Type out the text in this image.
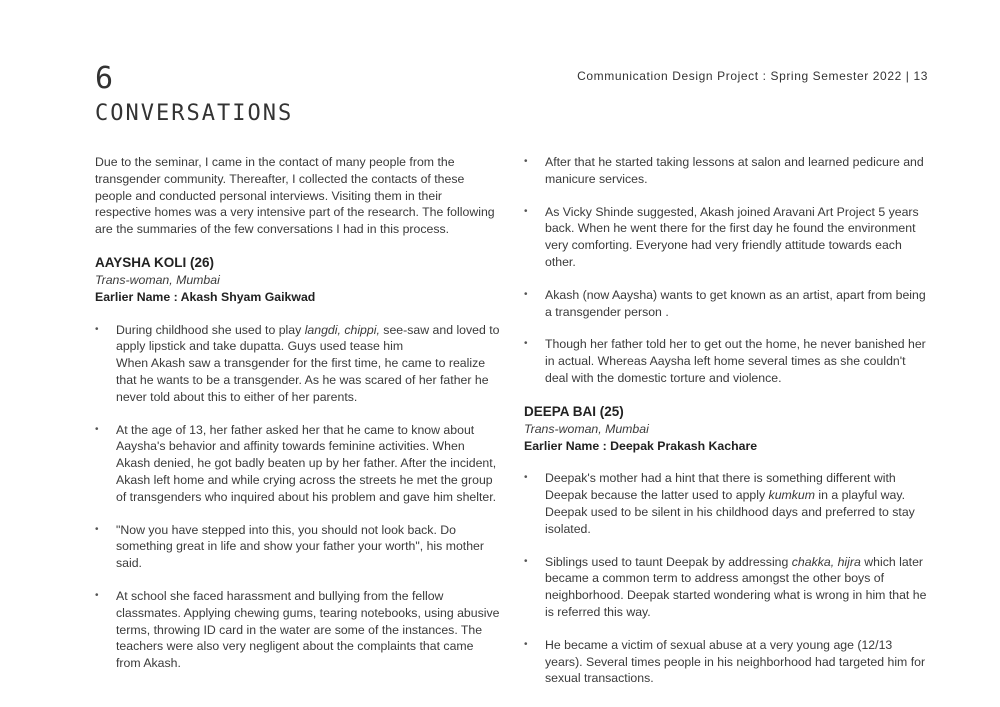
6
CONVERSATIONS
Communication Design Project : Spring Semester 2022 | 13

Due to the seminar, I came in the contact of many people from the transgender community. Thereafter, I collected the contacts of these people and conducted personal interviews. Visiting them in their respective homes was a very intensive part of the research. The following are the summaries of the few conversations I had in this process.

AAYSHA KOLI (26)

Trans-woman, Mumbai

Earlier Name : Akash Shyam Gaikwad

• During childhood she used to play langdi, chippi, see-saw and loved to apply lipstick and take dupatta. Guys used tease him
When Akash saw a transgender for the first time, he came to realize that he wants to be a transgender. As he was scared of her father he never told about this to either of her parents.
• At the age of 13, her father asked her that he came to know about Aaysha's behavior and affinity towards feminine activities. When Akash denied, he got badly beaten up by her father. After the incident, Akash left home and while crying across the streets he met the group of transgenders who inquired about his problem and gave him shelter.
• "Now you have stepped into this, you should not look back. Do something great in life and show your father your worth", his mother said.
• At school she faced harassment and bullying from the fellow classmates. Applying chewing gums, tearing notebooks, using abusive terms, throwing ID card in the water are some of the instances. The teachers were also very negligent about the complaints that came from Akash.
• After that he started taking lessons at salon and learned pedicure and manicure services.
• As Vicky Shinde suggested, Akash joined Aravani Art Project 5 years back. When he went there for the first day he found the environment very comforting. Everyone had very friendly attitude towards each other.
• Akash (now Aaysha) wants to get known as an artist, apart from being a transgender person .
• Though her father told her to get out the home, he never banished her in actual. Whereas Aaysha left home several times as she couldn't deal with the domestic torture and violence.

DEEPA BAI (25)

Trans-woman, Mumbai

Earlier Name : Deepak Prakash Kachare

• Deepak's mother had a hint that there is something different with Deepak because the latter used to apply kumkum in a playful way. Deepak used to be silent in his childhood days and preferred to stay isolated.
• Siblings used to taunt Deepak by addressing chakka, hijra which later became a common term to address amongst the other boys of neighborhood. Deepak started wondering what is wrong in him that he is referred this way.
• He became a victim of sexual abuse at a very young age (12/13 years). Several times people in his neighborhood had targeted him for sexual transactions.
